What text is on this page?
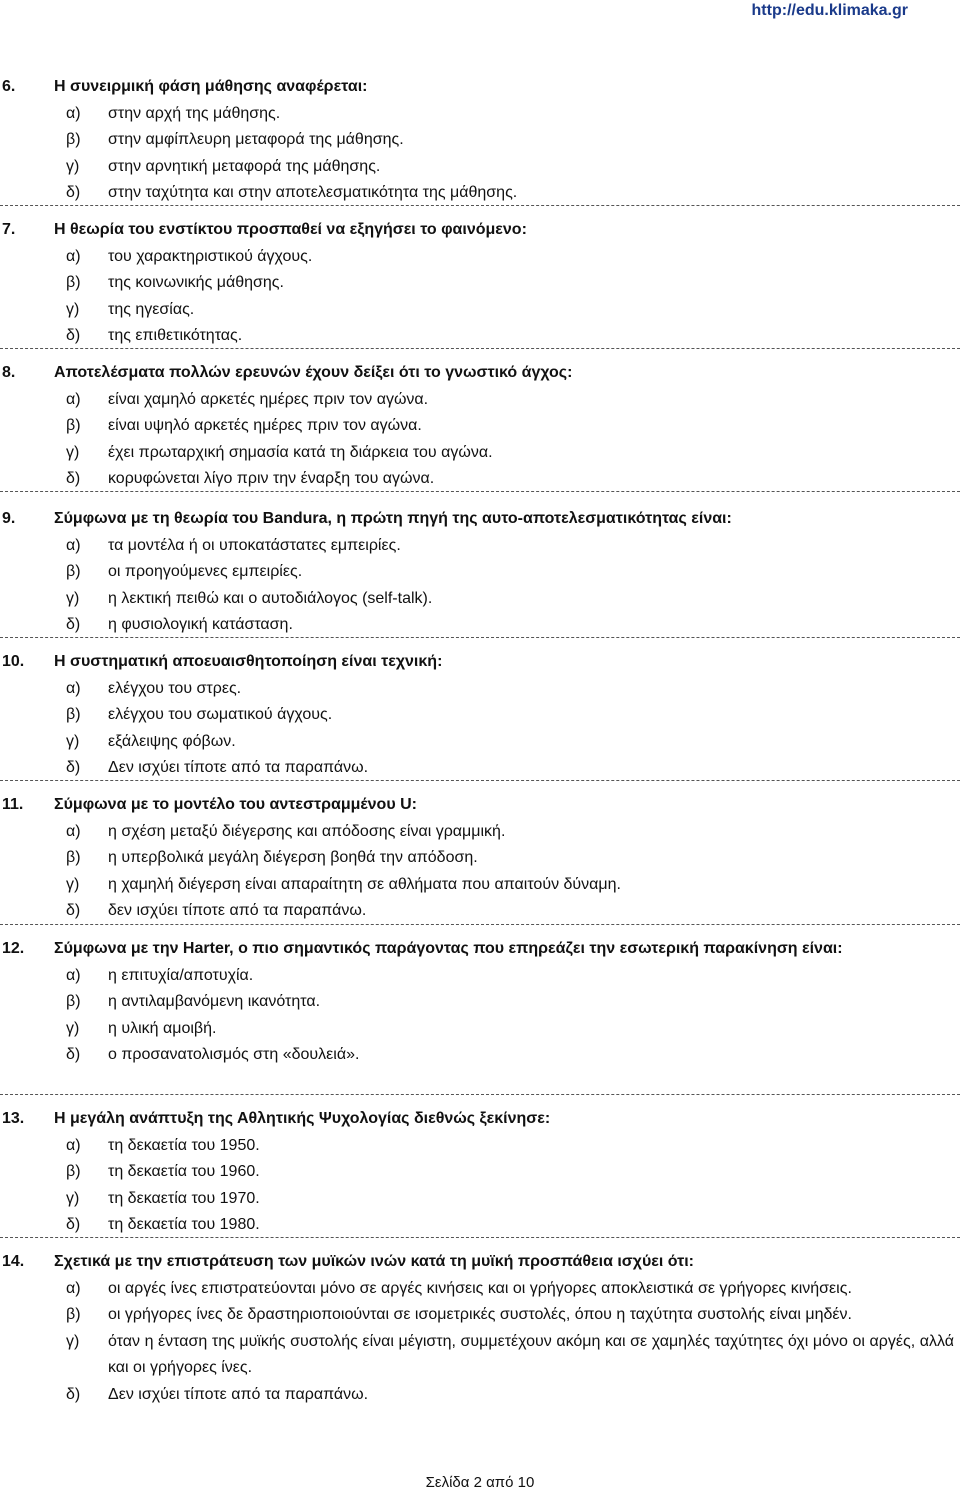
http://edu.klimaka.gr
6. Η συνειρμική φάση μάθησης αναφέρεται:
α) στην αρχή της μάθησης.
β) στην αμφίπλευρη μεταφορά της μάθησης.
γ) στην αρνητική μεταφορά της μάθησης.
δ) στην ταχύτητα και στην αποτελεσματικότητα της μάθησης.
7. Η θεωρία του ενστίκτου προσπαθεί να εξηγήσει το φαινόμενο:
α) του χαρακτηριστικού άγχους.
β) της κοινωνικής μάθησης.
γ) της ηγεσίας.
δ) της επιθετικότητας.
8. Αποτελέσματα πολλών ερευνών έχουν δείξει ότι το γνωστικό άγχος:
α) είναι χαμηλό αρκετές ημέρες πριν τον αγώνα.
β) είναι υψηλό αρκετές ημέρες πριν τον αγώνα.
γ) έχει πρωταρχική σημασία κατά τη διάρκεια του αγώνα.
δ) κορυφώνεται λίγο πριν την έναρξη του αγώνα.
9. Σύμφωνα με τη θεωρία του Bandura, η πρώτη πηγή της αυτο-αποτελεσματικότητας είναι:
α) τα μοντέλα ή οι υποκατάστατες εμπειρίες.
β) οι προηγούμενες εμπειρίες.
γ) η λεκτική πειθώ και ο αυτοδιάλογος (self-talk).
δ) η φυσιολογική κατάσταση.
10. Η συστηματική αποευαισθητοποίηση είναι τεχνική:
α) ελέγχου του στρες.
β) ελέγχου του σωματικού άγχους.
γ) εξάλειψης φόβων.
δ) Δεν ισχύει τίποτε από τα παραπάνω.
11. Σύμφωνα με το μοντέλο του αντεστραμμένου U:
α) η σχέση μεταξύ διέγερσης και απόδοσης είναι γραμμική.
β) η υπερβολικά μεγάλη διέγερση βοηθά την απόδοση.
γ) η χαμηλή διέγερση είναι απαραίτητη σε αθλήματα που απαιτούν δύναμη.
δ) δεν ισχύει τίποτε από τα παραπάνω.
12. Σύμφωνα με την Harter, ο πιο σημαντικός παράγοντας που επηρεάζει την εσωτερική παρακίνηση είναι:
α) η επιτυχία/αποτυχία.
β) η αντιλαμβανόμενη ικανότητα.
γ) η υλική αμοιβή.
δ) ο προσανατολισμός στη «δουλειά».
13. Η μεγάλη ανάπτυξη της Αθλητικής Ψυχολογίας διεθνώς ξεκίνησε:
α) τη δεκαετία του 1950.
β) τη δεκαετία του 1960.
γ) τη δεκαετία του 1970.
δ) τη δεκαετία του 1980.
14. Σχετικά με την επιστράτευση των μυϊκών ινών κατά τη μυϊκή προσπάθεια ισχύει ότι:
α) οι αργές ίνες επιστρατεύονται μόνο σε αργές κινήσεις και οι γρήγορες αποκλειστικά σε γρήγορες κινήσεις.
β) οι γρήγορες ίνες δε δραστηριοποιούνται σε ισομετρικές συστολές, όπου η ταχύτητα συστολής είναι μηδέν.
γ) όταν η ένταση της μυϊκής συστολής είναι μέγιστη, συμμετέχουν ακόμη και σε χαμηλές ταχύτητες όχι μόνο οι αργές, αλλά και οι γρήγορες ίνες.
δ) Δεν ισχύει τίποτε από τα παραπάνω.
Σελίδα 2 από 10
